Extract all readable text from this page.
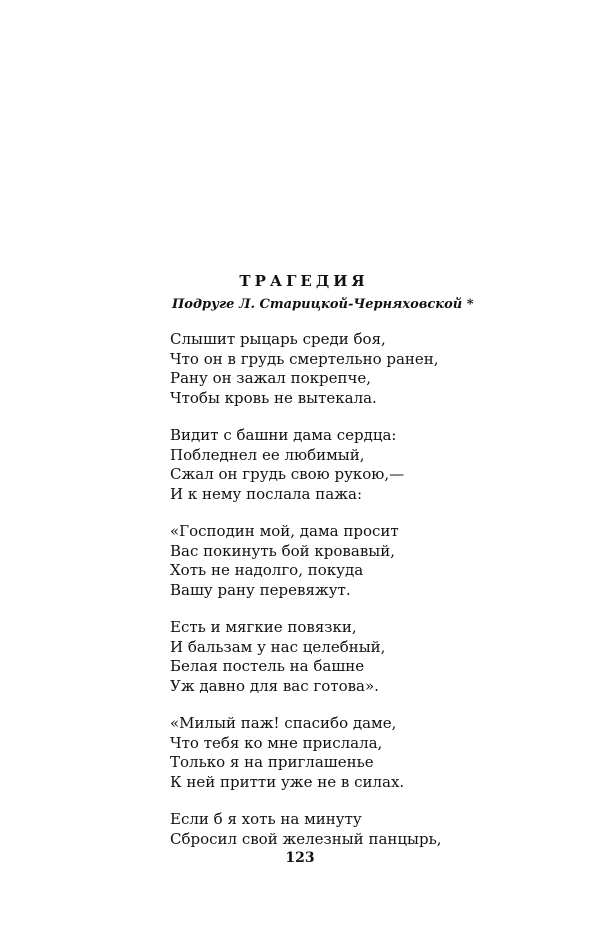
ТРАГЕДИЯ
Подруге Л. Старицкой-Черняховской *
Слышит рыцарь среди боя,
Что он в грудь смертельно ранен,
Рану он зажал покрепче,
Чтобы кровь не вытекала.
Видит с башни дама сердца:
Побледнел ее любимый,
Сжал он грудь свою рукою,—
И к нему послала пажа:
«Господин мой, дама просит
Вас покинуть бой кровавый,
Хоть не надолго, покуда
Вашу рану перевяжут.
Есть и мягкие повязки,
И бальзам у нас целебный,
Белая постель на башне
Уж давно для вас готова».
«Милый паж! спасибо даме,
Что тебя ко мне прислала,
Только я на приглашенье
К ней притти уже не в силах.
Если б я хоть на минуту
Сбросил свой железный панцырь,
123
